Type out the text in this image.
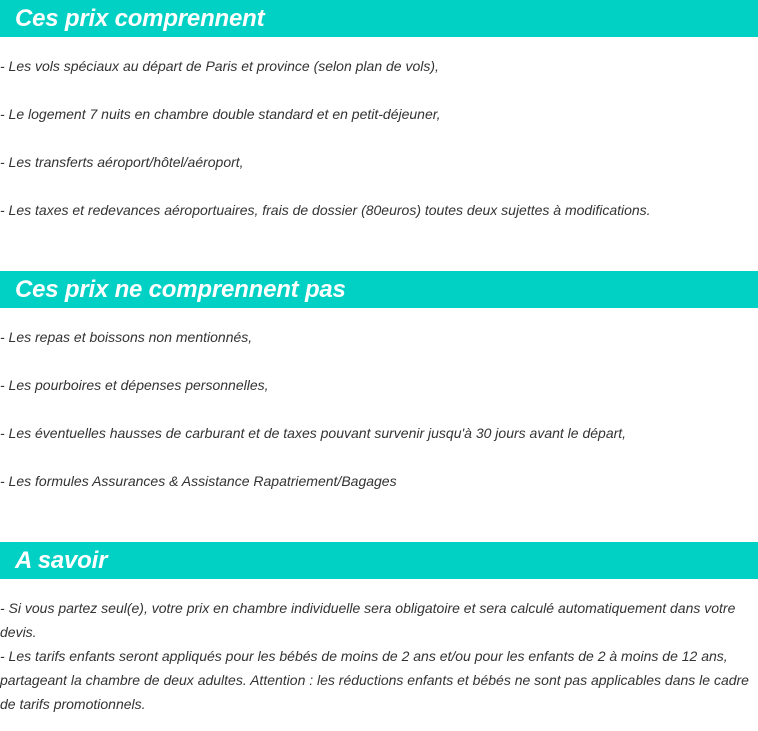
Ces prix comprennent
- Les vols spéciaux au départ de Paris et province (selon plan de vols),
- Le logement 7 nuits en chambre double standard et en petit-déjeuner,
- Les transferts aéroport/hôtel/aéroport,
- Les taxes et redevances aéroportuaires, frais de dossier (80euros) toutes deux sujettes à modifications.
Ces prix ne comprennent pas
- Les repas et boissons non mentionnés,
- Les pourboires et dépenses personnelles,
- Les éventuelles hausses de carburant et de taxes pouvant survenir jusqu'à 30 jours avant le départ,
- Les formules Assurances & Assistance Rapatriement/Bagages
A savoir

- Si vous partez seul(e), votre prix en chambre individuelle sera obligatoire et sera calculé automatiquement dans votre devis.

- Les tarifs enfants seront appliqués pour les bébés de moins de 2 ans et/ou pour les enfants de 2 à moins de 12 ans, partageant la chambre de deux adultes. Attention : les réductions enfants et bébés ne sont pas applicables dans le cadre de tarifs promotionnels.
